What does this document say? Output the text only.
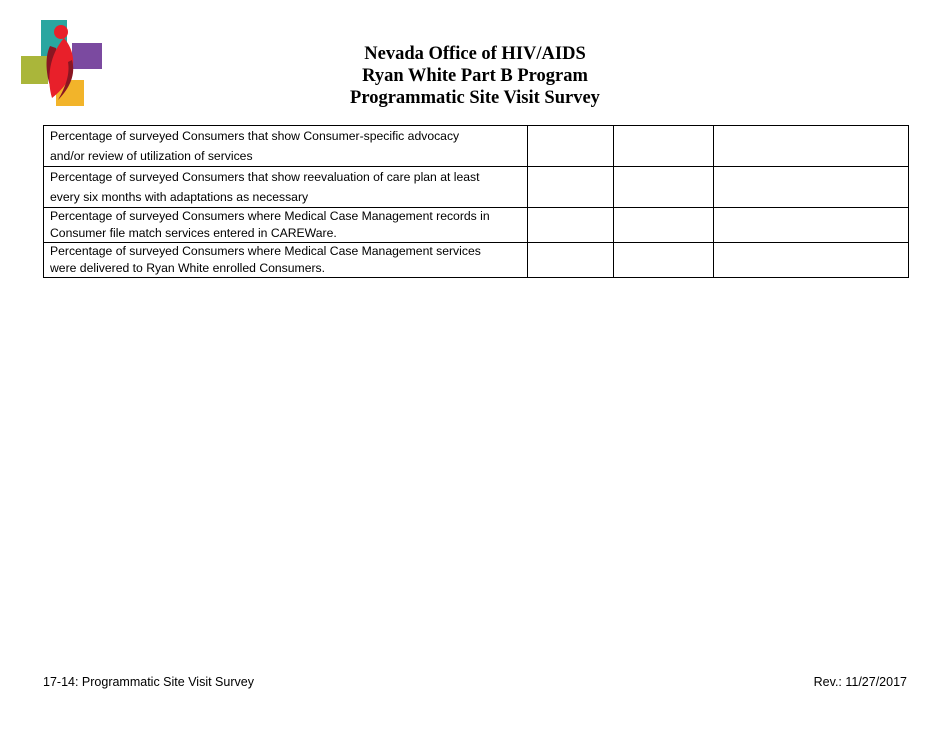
Nevada Office of HIV/AIDS
Ryan White Part B Program
Programmatic Site Visit Survey
Percentage of surveyed Consumers that show Consumer-specific advocacy
and/or review of utilization of services			

Percentage of surveyed Consumers that show reevaluation of care plan at least
every six months with adaptations as necessary			

Percentage of surveyed Consumers where Medical Case Management records in
Consumer file match services entered in CAREWare.			

Percentage of surveyed Consumers where Medical Case Management services
were delivered to Ryan White enrolled Consumers.			

17-14: Programmatic Site Visit Survey	Rev.: 11/27/2017
